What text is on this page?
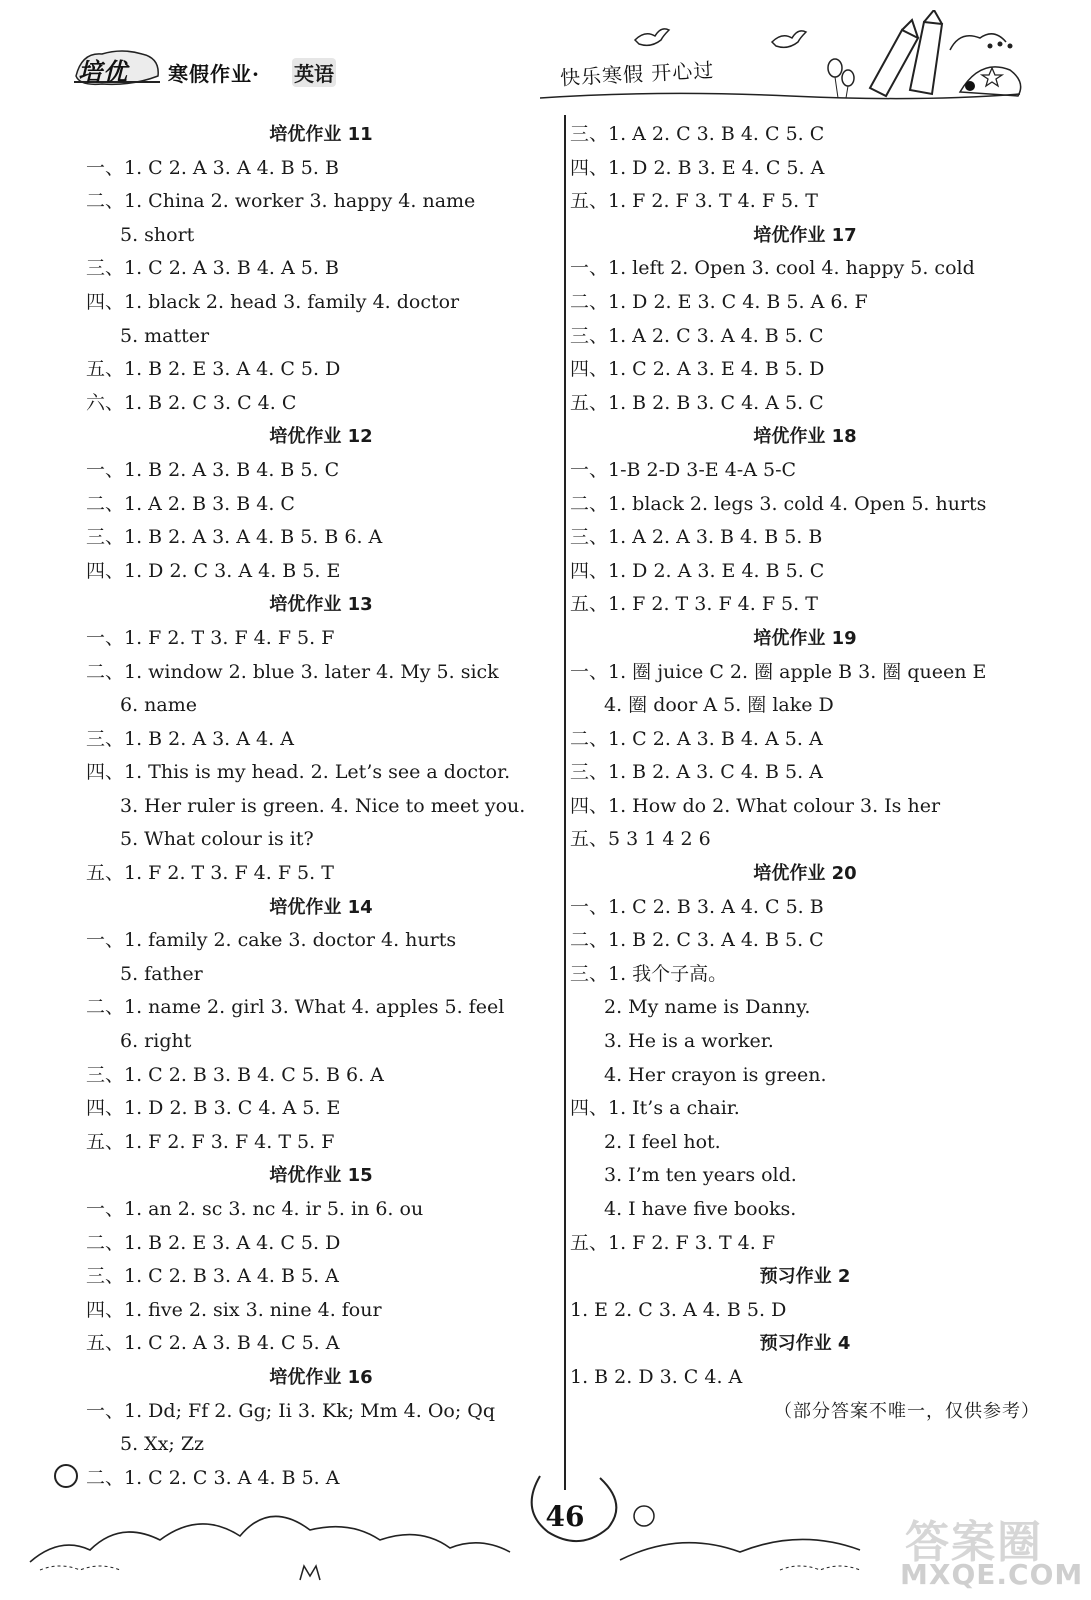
培优 寒假作业· 英语	快乐寒假 开心过
培优作业 11
一、1. C 2. A 3. A 4. B 5. B
二、1. China 2. worker 3. happy 4. name
5. short
三、1. C 2. A 3. B 4. A 5. B
四、1. black 2. head 3. family 4. doctor
5. matter
五、1. B 2. E 3. A 4. C 5. D
六、1. B 2. C 3. C 4. C
培优作业 12
一、1. B 2. A 3. B 4. B 5. C
二、1. A 2. B 3. B 4. C
三、1. B 2. A 3. A 4. B 5. B 6. A
四、1. D 2. C 3. A 4. B 5. E
培优作业 13
一、1. F 2. T 3. F 4. F 5. F
二、1. window 2. blue 3. later 4. My 5. sick
6. name
三、1. B 2. A 3. A 4. A
四、1. This is my head. 2. Let’s see a doctor.
3. Her ruler is green. 4. Nice to meet you.
5. What colour is it?
五、1. F 2. T 3. F 4. F 5. T
培优作业 14
一、1. family 2. cake 3. doctor 4. hurts
5. father
二、1. name 2. girl 3. What 4. apples 5. feel
6. right
三、1. C 2. B 3. B 4. C 5. B 6. A
四、1. D 2. B 3. C 4. A 5. E
五、1. F 2. F 3. F 4. T 5. F
培优作业 15
一、1. an 2. sc 3. nc 4. ir 5. in 6. ou
二、1. B 2. E 3. A 4. C 5. D
三、1. C 2. B 3. A 4. B 5. A
四、1. five 2. six 3. nine 4. four
五、1. C 2. A 3. B 4. C 5. A
培优作业 16
一、1. Dd; Ff 2. Gg; Ii 3. Kk; Mm 4. Oo; Qq
5. Xx; Zz
二、1. C 2. C 3. A 4. B 5. A
三、1. A 2. C 3. B 4. C 5. C
四、1. D 2. B 3. E 4. C 5. A
五、1. F 2. F 3. T 4. F 5. T
培优作业 17
一、1. left 2. Open 3. cool 4. happy 5. cold
二、1. D 2. E 3. C 4. B 5. A 6. F
三、1. A 2. C 3. A 4. B 5. C
四、1. C 2. A 3. E 4. B 5. D
五、1. B 2. B 3. C 4. A 5. C
培优作业 18
一、1-B 2-D 3-E 4-A 5-C
二、1. black 2. legs 3. cold 4. Open 5. hurts
三、1. A 2. A 3. B 4. B 5. B
四、1. D 2. A 3. E 4. B 5. C
五、1. F 2. T 3. F 4. F 5. T
培优作业 19
一、1. 圈 juice C 2. 圈 apple B 3. 圈 queen E
4. 圈 door A 5. 圈 lake D
二、1. C 2. A 3. B 4. A 5. A
三、1. B 2. A 3. C 4. B 5. A
四、1. How do 2. What colour 3. Is her
五、5 3 1 4 2 6
培优作业 20
一、1. C 2. B 3. A 4. C 5. B
二、1. B 2. C 3. A 4. B 5. C
三、1. 我个子高。
2. My name is Danny.
3. He is a worker.
4. Her crayon is green.
四、1. It’s a chair.
2. I feel hot.
3. I’m ten years old.
4. I have five books.
五、1. F 2. F 3. T 4. F
预习作业 2
1. E 2. C 3. A 4. B 5. D
预习作业 4
1. B 2. D 3. C 4. A
（部分答案不唯一，仅供参考）
46
答案圈
MXQE.COM
